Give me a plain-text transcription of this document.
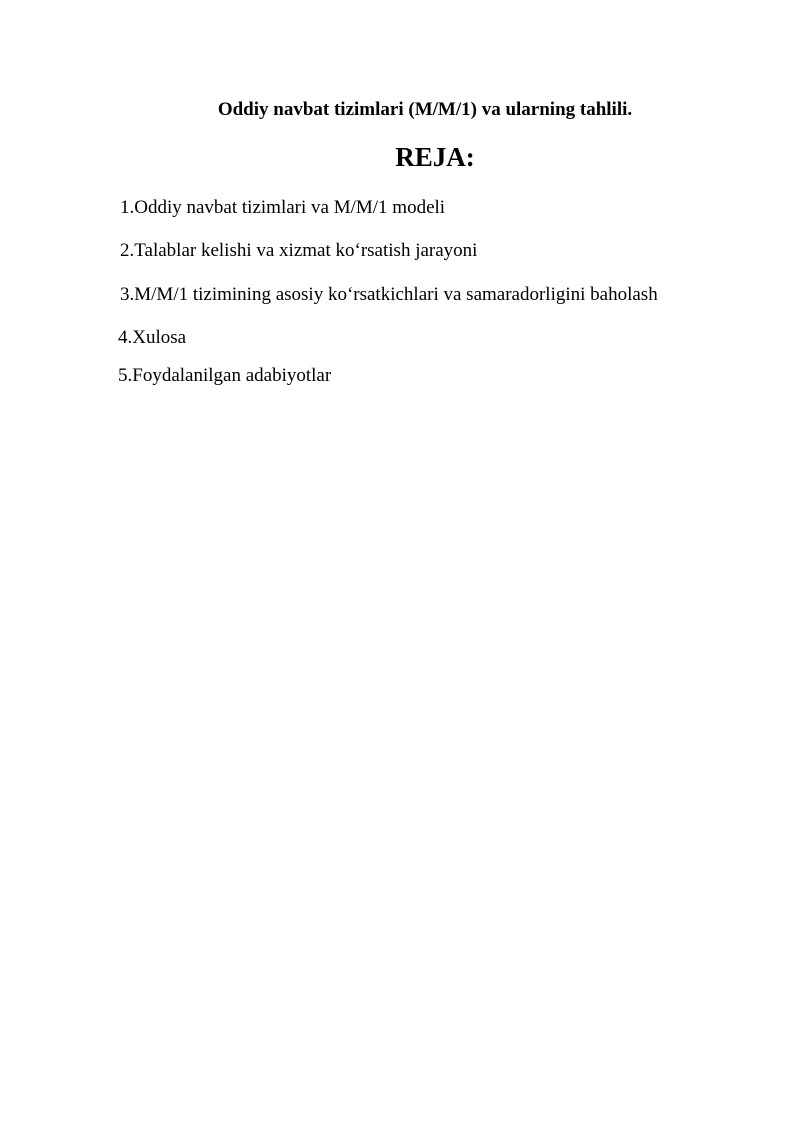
Oddiy navbat tizimlari (M/M/1) va ularning tahlili.
REJA:
1.Oddiy navbat tizimlari va M/M/1 modeli
2.Talablar kelishi va xizmat ko‘rsatish jarayoni
3.M/M/1 tizimining asosiy ko‘rsatkichlari va samaradorligini baholash
4.Xulosa
5.Foydalanilgan adabiyotlar
